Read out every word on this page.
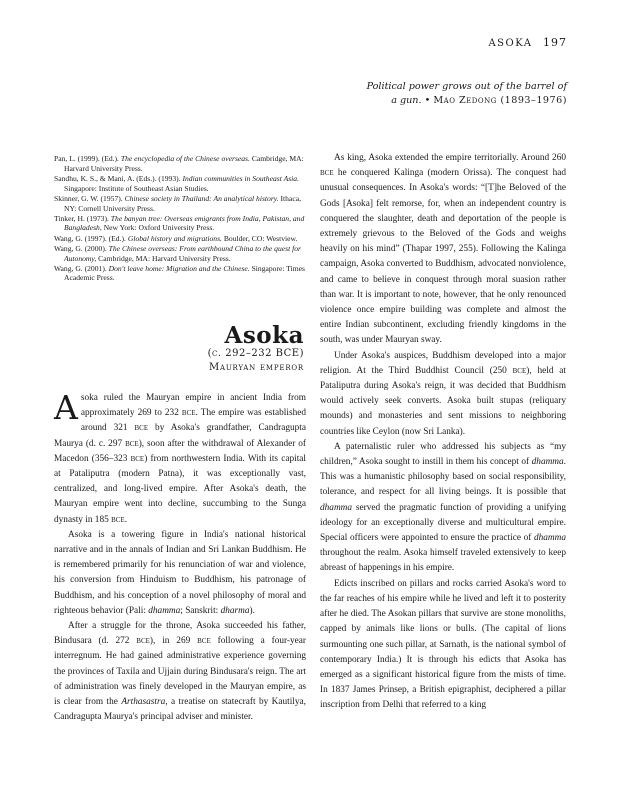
ASOKA 197
Political power grows out of the barrel of
a gun. • Mao Zedong (1893–1976)
Pan, L. (1999). (Ed.). The encyclopedia of the Chinese overseas. Cambridge, MA: Harvard University Press.
Sandhu, K. S., & Mani, A. (Eds.). (1993). Indian communities in Southeast Asia. Singapore: Institute of Southeast Asian Studies.
Skinner, G. W. (1957). Chinese society in Thailand: An analytical history. Ithaca, NY: Cornell University Press.
Tinker, H. (1973). The banyan tree: Overseas emigrants from India, Pakistan, and Bangladesh, New York: Oxford University Press.
Wang, G. (1997). (Ed.). Global history and migrations. Boulder, CO: Westview.
Wang, G. (2000). The Chinese overseas: From earthbound China to the quest for Autonomy, Cambridge, MA: Harvard University Press.
Wang, G. (2001). Don't leave home: Migration and the Chinese. Singapore: Times Academic Press.
Asoka
(c. 292–232 BCE)
Mauryan emperor

Asoka ruled the Mauryan empire in ancient India from approximately 269 to 232 bce. The empire was established around 321 bce by Asoka's grandfather, Candragupta Maurya (d. c. 297 bce), soon after the withdrawal of Alexander of Macedon (356–323 bce) from northwestern India. With its capital at Pataliputra (modern Patna), it was exceptionally vast, centralized, and long-lived empire. After Asoka's death, the Mauryan empire went into decline, succumbing to the Sunga dynasty in 185 bce.

Asoka is a towering figure in India's national historical narrative and in the annals of Indian and Sri Lankan Buddhism. He is remembered primarily for his renunciation of war and violence, his conversion from Hinduism to Buddhism, his patronage of Buddhism, and his conception of a novel philosophy of moral and righteous behavior (Pali: dhamma; Sanskrit: dharma).

After a struggle for the throne, Asoka succeeded his father, Bindusara (d. 272 bce), in 269 bce following a four-year interregnum. He had gained administrative experience governing the provinces of Taxila and Ujjain during Bindusara's reign. The art of administration was finely developed in the Mauryan empire, as is clear from the Arthasastra, a treatise on statecraft by Kautilya, Candragupta Maurya's principal adviser and minister.

As king, Asoka extended the empire territorially. Around 260 bce he conquered Kalinga (modern Orissa). The conquest had unusual consequences. In Asoka's words: “[T]he Beloved of the Gods [Asoka] felt remorse, for, when an independent country is conquered the slaughter, death and deportation of the people is extremely grievous to the Beloved of the Gods and weighs heavily on his mind” (Thapar 1997, 255). Following the Kalinga campaign, Asoka converted to Buddhism, advocated nonviolence, and came to believe in conquest through moral suasion rather than war. It is important to note, however, that he only renounced violence once empire building was complete and almost the entire Indian subcontinent, excluding friendly kingdoms in the south, was under Mauryan sway.

Under Asoka's auspices, Buddhism developed into a major religion. At the Third Buddhist Council (250 bce), held at Pataliputra during Asoka's reign, it was decided that Buddhism would actively seek converts. Asoka built stupas (reliquary mounds) and monasteries and sent missions to neighboring countries like Ceylon (now Sri Lanka).

A paternalistic ruler who addressed his subjects as “my children,” Asoka sought to instill in them his concept of dhamma. This was a humanistic philosophy based on social responsibility, tolerance, and respect for all living beings. It is possible that dhamma served the pragmatic function of providing a unifying ideology for an exceptionally diverse and multicultural empire. Special officers were appointed to ensure the practice of dhamma throughout the realm. Asoka himself traveled extensively to keep abreast of happenings in his empire.

Edicts inscribed on pillars and rocks carried Asoka's word to the far reaches of his empire while he lived and left it to posterity after he died. The Asokan pillars that survive are stone monoliths, capped by animals like lions or bulls. (The capital of lions surmounting one such pillar, at Sarnath, is the national symbol of contemporary India.) It is through his edicts that Asoka has emerged as a significant historical figure from the mists of time. In 1837 James Prinsep, a British epigraphist, deciphered a pillar inscription from Delhi that referred to a king
